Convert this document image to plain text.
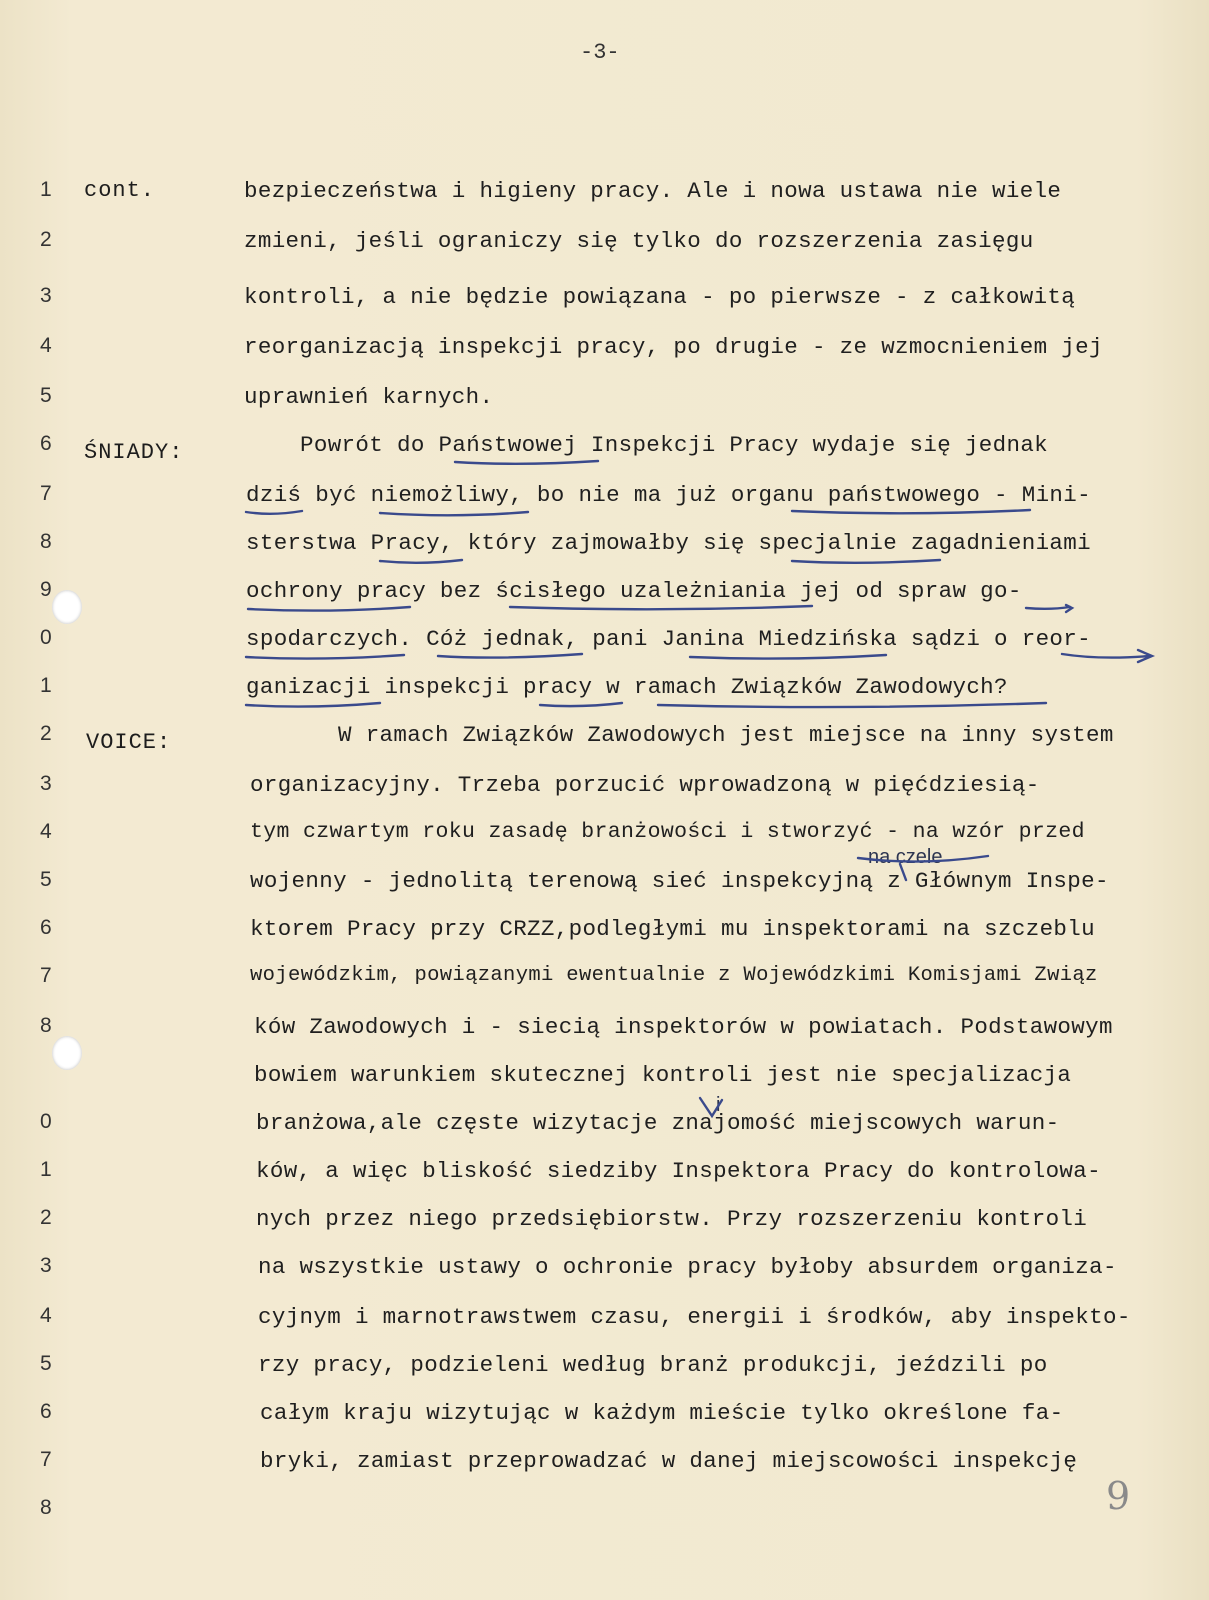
-3-
1	cont.	bezpieczeństwa i higieny pracy. Ale i nowa ustawa nie wiele
2	zmieni, jeśli ograniczy się tylko do rozszerzenia zasięgu
3	kontroli, a nie będzie powiązana - po pierwsze - z całkowitą
4	reorganizacją inspekcji pracy, po drugie - ze wzmocnieniem jej
5	uprawnień karnych.
6	ŚNIADY:	Powrót do Państwowej Inspekcji Pracy wydaje się jednak
7	dziś być niemożliwy, bo nie ma już organu państwowego - Mini-
8	sterstwa Pracy, który zajmowałby się specjalnie zagadnieniami
9	ochrony pracy bez ścisłego uzależniania jej od spraw go-
0	spodarczych. Cóż jednak, pani Janina Miedzińska sądzi o reor-
1	ganizacji inspekcji pracy w ramach Związków Zawodowych?
2	VOICE:	W ramach Związków Zawodowych jest miejsce na inny system
3	organizacyjny. Trzeba porzucić wprowadzoną w pięćdziesią-
4	tym czwartym roku zasadę branżowości i stworzyć - na wzór przed
5	wojenny - jednolitą terenową sieć inspekcyjną z Głównym Inspe-
6	ktorem Pracy przy CRZZ,podległymi mu inspektorami na szczeblu
7	wojewódzkim, powiązanymi ewentualnie z Wojewódzkimi Komisjami Związ
8	ków Zawodowych i - siecią inspektorów w powiatach. Podstawowym
bowiem warunkiem skutecznej kontroli jest nie specjalizacja
0	branżowa,ale częste wizytacje znajomość miejscowych warun-
1	ków, a więc bliskość siedziby Inspektora Pracy do kontrolowa-
2	nych przez niego przedsiębiorstw. Przy rozszerzeniu kontroli
3	na wszystkie ustawy o ochronie pracy byłoby absurdem organiza-
4	cyjnym i marnotrawstwem czasu, energii i środków, aby inspekto-
5	rzy pracy, podzieleni według branż produkcji, jeździli po
6	całym kraju wizytując w każdym mieście tylko określone fa-
7	bryki, zamiast przeprowadzać w danej miejscowości inspekcję
8
na czele
i
9
